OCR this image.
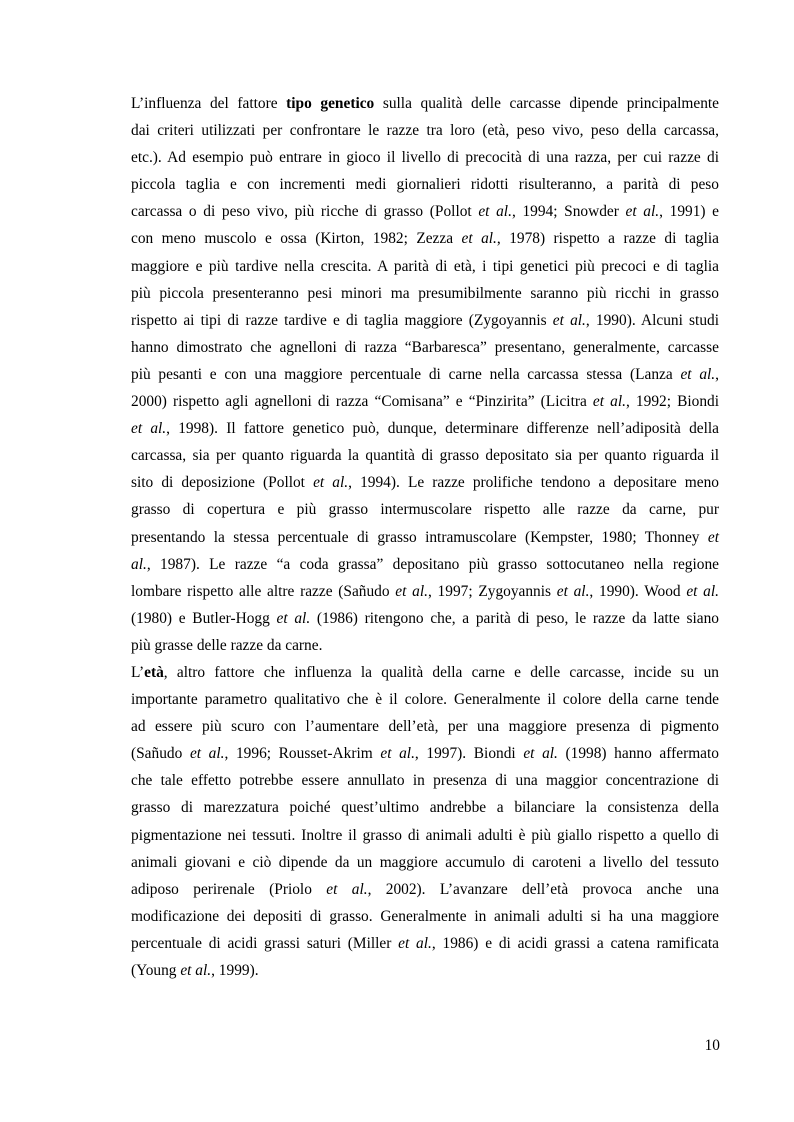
L’influenza del fattore tipo genetico sulla qualità delle carcasse dipende principalmente
dai criteri utilizzati per confrontare le razze tra loro (età, peso vivo, peso della carcassa,
etc.). Ad esempio può entrare in gioco il livello di precocità di una razza, per cui razze di
piccola taglia e con incrementi medi giornalieri ridotti risulteranno, a parità di peso
carcassa o di peso vivo, più ricche di grasso (Pollot et al., 1994; Snowder et al., 1991) e
con meno muscolo e ossa (Kirton, 1982; Zezza et al., 1978) rispetto a razze di taglia
maggiore e più tardive nella crescita. A parità di età, i tipi genetici più precoci e di taglia
più piccola presenteranno pesi minori ma presumibilmente saranno più ricchi in grasso
rispetto ai tipi di razze tardive e di taglia maggiore (Zygoyannis et al., 1990). Alcuni studi
hanno dimostrato che agnelloni di razza “Barbaresca” presentano, generalmente, carcasse
più pesanti e con una maggiore percentuale di carne nella carcassa stessa (Lanza et al.,
2000) rispetto agli agnelloni di razza “Comisana” e “Pinzirita” (Licitra et al., 1992; Biondi
et al., 1998). Il fattore genetico può, dunque, determinare differenze nell’adiposità della
carcassa, sia per quanto riguarda la quantità di grasso depositato sia per quanto riguarda il
sito di deposizione (Pollot et al., 1994). Le razze prolifiche tendono a depositare meno
grasso di copertura e più grasso intermuscolare rispetto alle razze da carne, pur
presentando la stessa percentuale di grasso intramuscolare (Kempster, 1980; Thonney et
al., 1987). Le razze “a coda grassa” depositano più grasso sottocutaneo nella regione
lombare rispetto alle altre razze (Sañudo et al., 1997; Zygoyannis et al., 1990). Wood et al.
(1980) e Butler-Hogg et al. (1986) ritengono che, a parità di peso, le razze da latte siano
più grasse delle razze da carne.
L’età, altro fattore che influenza la qualità della carne e delle carcasse, incide su un
importante parametro qualitativo che è il colore. Generalmente il colore della carne tende
ad essere più scuro con l’aumentare dell’età, per una maggiore presenza di pigmento
(Sañudo et al., 1996; Rousset-Akrim et al., 1997). Biondi et al. (1998) hanno affermato
che tale effetto potrebbe essere annullato in presenza di una maggior concentrazione di
grasso di marezzatura poiché quest’ultimo andrebbe a bilanciare la consistenza della
pigmentazione nei tessuti. Inoltre il grasso di animali adulti è più giallo rispetto a quello di
animali giovani e ciò dipende da un maggiore accumulo di caroteni a livello del tessuto
adiposo perirenale (Priolo et al., 2002). L’avanzare dell’età provoca anche una
modificazione dei depositi di grasso. Generalmente in animali adulti si ha una maggiore
percentuale di acidi grassi saturi (Miller et al., 1986) e di acidi grassi a catena ramificata
(Young et al., 1999).
10
